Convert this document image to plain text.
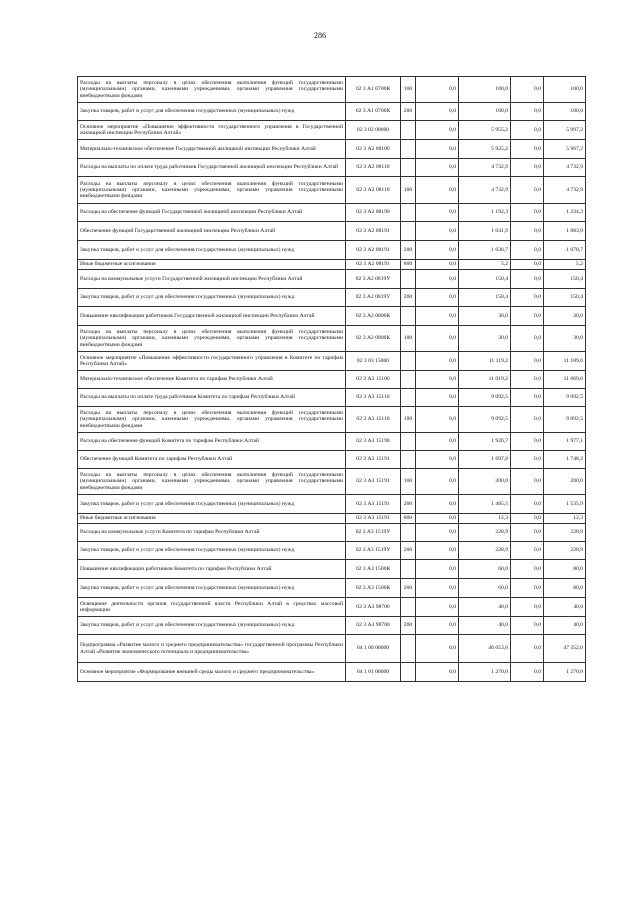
286
Расходы на выплаты персоналу в целях обеспечения выполнения функций государственными (муниципальными) органами, казенными учреждениями, органами управления государственными внебюджетными фондами	02 3 А1 0700К	100	0,0	100,0	0,0	100,0
Закупка товаров, работ и услуг для обеспечения государственных (муниципальных) нужд	02 3 А1 0700К	200	0,0	100,0	0,0	100,0
Основное мероприятие «Повышение эффективности государственного управления в Государственной жилищной инспекции Республики Алтай»	02 3 02 00000		0,0	5 955,2	0,0	5 997,2
Материально-техническое обеспечение Государственной жилищной инспекции Республики Алтай	02 3 А2 08100		0,0	5 925,2	0,0	5 967,2
Расходы на выплаты по оплате труда работников Государственной жилищной инспекции Республики Алтай	02 3 А2 08110		0,0	4 732,9	0,0	4 732,9
Расходы на выплаты персоналу в целях обеспечения выполнения функций государственными (муниципальными) органами, казенными учреждениями, органами управления государственными внебюджетными фондами	02 3 А2 08110	100	0,0	4 732,9	0,0	4 732,9
Расходы на обеспечение функций Государственной жилищной инспекции Республики Алтай	02 3 А2 08190		0,0	1 192,3	0,0	1 234,3
Обеспечение функций Государственной жилищной инспекции Республики Алтай	02 3 А2 08191		0,0	1 041,9	0,0	1 083,9
Закупка товаров, работ и услуг для обеспечения государственных (муниципальных) нужд	02 3 А2 08191	200	0,0	1 036,7	0,0	1 078,7
Иные бюджетные ассигнования	02 3 А2 08191	800	0,0	5,2	0,0	5,2
Расходы на коммунальные услуги Государственной жилищной инспекции Республики Алтай	02 3 А2 0819У		0,0	150,4	0,0	150,4
Закупка товаров, работ и услуг для обеспечения государственных (муниципальных) нужд	02 3 А2 0819У	200	0,0	150,4	0,0	150,4
Повышение квалификации работников Государственной жилищной инспекции Республики Алтай	02 3 А2 0800К		0,0	30,0	0,0	30,0
Расходы на выплаты персоналу в целях обеспечения выполнения функций государственными (муниципальными) органами, казенными учреждениями, органами управления государственными внебюджетными фондами	02 3 А2 0800К	100	0,0	30,0	0,0	30,0
Основное мероприятие «Повышение эффективности государственного управления в Комитете по тарифам Республики Алтай»	02 3 03 15000		0,0	11 119,2	0,0	11 189,6
Материально-техническое обеспечение Комитета по тарифам Республики Алтай	02 3 А3 15100		0,0	11 019,2	0,0	11 069,6
Расходы на выплаты по оплате труда работников Комитета по тарифам Республики Алтай	02 3 А3 15110		0,0	9 092,5	0,0	9 092,5
Расходы на выплаты персоналу в целях обеспечения выполнения функций государственными (муниципальными) органами, казенными учреждениями, органами управления государственными внебюджетными фондами	02 3 А3 15110	100	0,0	9 092,5	0,0	9 092,5
Расходы на обеспечение функций Комитета по тарифам Республики Алтай	02 3 А3 15190		0,0	1 926,7	0,0	1 977,1
Обеспечение функций Комитета по тарифам Республики Алтай	02 3 А3 15191		0,0	1 697,8	0,0	1 748,2
Расходы на выплаты персоналу в целях обеспечения выполнения функций государственными (муниципальными) органами, казенными учреждениями, органами управления государственными внебюджетными фондами	02 3 А3 15191	100	0,0	200,0	0,0	200,0
Закупка товаров, работ и услуг для обеспечения государственных (муниципальных) нужд	02 3 А3 15191	200	0,0	1 485,5	0,0	1 535,9
Иные бюджетные ассигнования	02 3 А3 15191	800	0,0	12,3	0,0	12,3
Расходы на коммунальные услуги Комитета по тарифам Республики Алтай	02 3 А3 1519У		0,0	228,9	0,0	228,9
Закупка товаров, работ и услуг для обеспечения государственных (муниципальных) нужд	02 3 А3 1519У	200	0,0	228,9	0,0	228,9
Повышение квалификации работников Комитета по тарифам Республики Алтай	02 3 А3 1500К		0,0	60,0	0,0	80,0
Закупка товаров, работ и услуг для обеспечения государственных (муниципальных) нужд	02 3 А3 1500К	200	0,0	60,0	0,0	80,0
Освещение деятельности органов государственной власти Республики Алтай в средствах массовой информации	02 3 А3 98700		0,0	40,0	0,0	40,0
Закупка товаров, работ и услуг для обеспечения государственных (муниципальных) нужд	02 3 А3 98700	200	0,0	40,0	0,0	40,0
Подпрограмма «Развитие малого и среднего предпринимательства» государственной программы Республики Алтай «Развитие экономического потенциала и предпринимательства»	04 1 00 00000		0,0	46 053,6	0,0	47 352,0
Основное мероприятие «Формирование внешней среды малого и среднего предпринимательства»	04 1 01 00000		0,0	1 270,0	0,0	1 270,0
